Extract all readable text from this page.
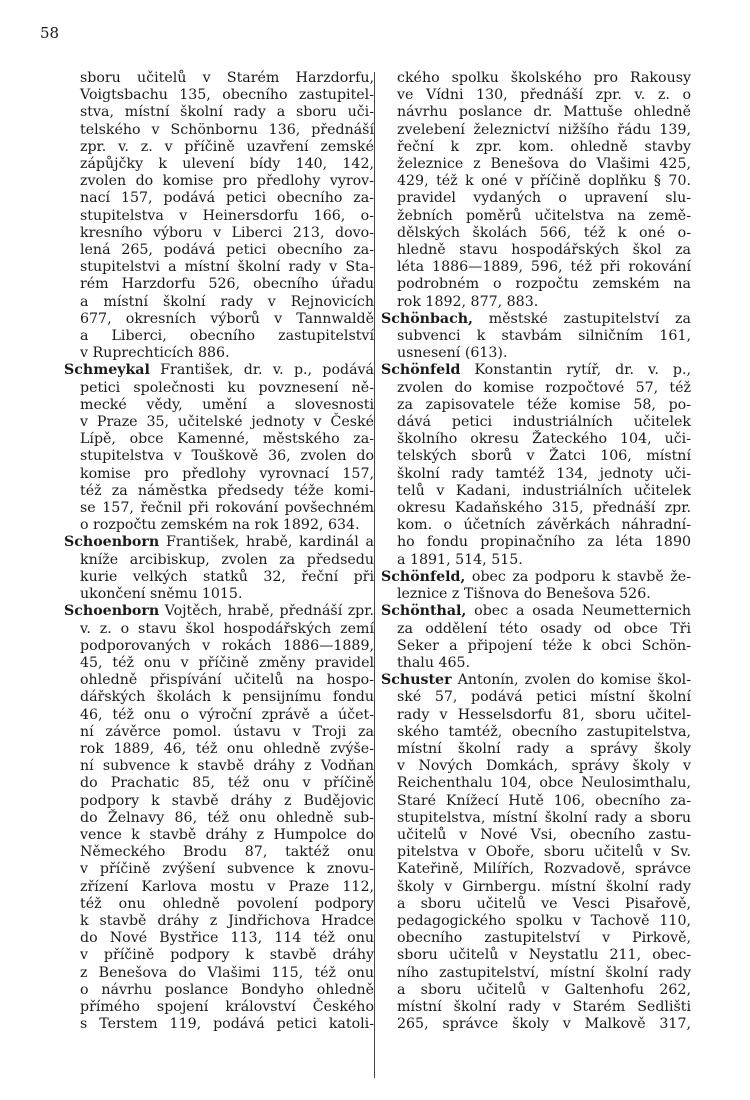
58
sboru učitelů v Starém Harzdorfu,
Voigtsbachu 135, obecního zastupitel-
stva, místní školní rady a sboru uči-
telského v Schönbornu 136, přednáší
zpr. v. z. v příčině uzavření zemské
zápůjčky k ulevení bídy 140, 142,
zvolen do komise pro předlohy vyrov-
nací 157, podává petici obecního za-
stupitelstva v Heinersdorfu 166, o-
kresního výboru v Liberci 213, dovo-
lená 265, podává petici obecního za-
stupitelstvi a místní školní rady v Sta-
rém Harzdorfu 526, obecního úřadu
a místní školní rady v Rejnovicích
677, okresních výborů v Tannwaldě
a Liberci, obecního zastupitelství
v Ruprechticích 886.
Schmeykal František, dr. v. p., podává
petici společnosti ku povznesení ně-
mecké vědy, umění a slovesnosti
v Praze 35, učitelské jednoty v České
Lípě, obce Kamenné, městského za-
stupitelstva v Touškově 36, zvolen do
komise pro předlohy vyrovnací 157,
též za náměstka předsedy téže komi-
se 157, řečnil při rokování povšechném
o rozpočtu zemském na rok 1892, 634.
Schoenborn František, hrabě, kardinál a
kníže arcibiskup, zvolen za předsedu
kurie velkých statků 32, řeční při
ukončení sněmu 1015.
Schoenborn Vojtěch, hrabě, přednáší zpr.
v. z. o stavu škol hospodářských zemí
podporovaných v rokách 1886—1889,
45, též onu v příčině změny pravidel
ohledně přispívání učitelů na hospo-
dářských školách k pensijnímu fondu
46, též onu o výroční zprávě a účet-
ní závěrce pomol. ústavu v Troji za
rok 1889, 46, též onu ohledně zvýše-
ní subvence k stavbě dráhy z Vodňan
do Prachatic 85, též onu v příčině
podpory k stavbě dráhy z Budějovic
do Želnavy 86, též onu ohledně sub-
vence k stavbě dráhy z Humpolce do
Německého Brodu 87, taktéž onu
v příčině zvýšení subvence k znovu-
zřízení Karlova mostu v Praze 112,
též onu ohledně povolení podpory
k stavbě dráhy z Jindřichova Hradce
do Nové Bystřice 113, 114 též onu
v příčině podpory k stavbě dráhy
z Benešova do Vlašimi 115, též onu
o návrhu poslance Bondyho ohledně
přímého spojení království Českého
s Terstem 119, podává petici katoli-
ckého spolku školského pro Rakousy
ve Vídni 130, přednáší zpr. v. z. o
návrhu poslance dr. Mattuše ohledně
zvelebení železnictví nižšího řádu 139,
řeční k zpr. kom. ohledně stavby
železnice z Benešova do Vlašimi 425,
429, též k oné v příčině doplňku § 70.
pravidel vydaných o upravení slu-
žebních poměrů učitelstva na země-
dělských školách 566, též k oné o-
hledně stavu hospodářských škol za
léta 1886—1889, 596, též při rokování
podrobném o rozpočtu zemském na
rok 1892, 877, 883.
Schönbach, městské zastupitelství za
subvenci k stavbám silničním 161,
usnesení (613).
Schönfeld Konstantin rytíř, dr. v. p.,
zvolen do komise rozpočtové 57, též
za zapisovatele téže komise 58, po-
dává petici industriálních učitelek
školního okresu Žateckého 104, uči-
telských sborů v Žatci 106, místní
školní rady tamtéž 134, jednoty uči-
telů v Kadani, industriálních učitelek
okresu Kadaňského 315, přednáší zpr.
kom. o účetních závěrkách náhradní-
ho fondu propinačního za léta 1890
a 1891, 514, 515.
Schönfeld, obec za podporu k stavbě že-
leznice z Tišnova do Benešova 526.
Schönthal, obec a osada Neumetternich
za oddělení této osady od obce Tři
Seker a připojení téže k obci Schön-
thalu 465.
Schuster Antonín, zvolen do komise škol-
ské 57, podává petici místní školní
rady v Hesselsdorfu 81, sboru učitel-
ského tamtéž, obecního zastupitelstva,
místní školní rady a správy školy
v Nových Domkách, správy školy v
Reichenthalu 104, obce Neulosimthalu,
Staré Knížecí Hutě 106, obecního za-
stupitelstva, místní školní rady a sboru
učitelů v Nové Vsi, obecního zastu-
pitelstva v Oboře, sboru učitelů v Sv.
Kateřině, Milířích, Rozvadově, správce
školy v Girnbergu. místní školní rady
a sboru učitelů ve Vesci Pisařově,
pedagogického spolku v Tachově 110,
obecního zastupitelství v Pirkově,
sboru učitelů v Neystatlu 211, obec-
ního zastupitelství, místní školní rady
a sboru učitelů v Galtenhofu 262,
místní školní rady v Starém Sedlišti
265, správce školy v Malkově 317,
